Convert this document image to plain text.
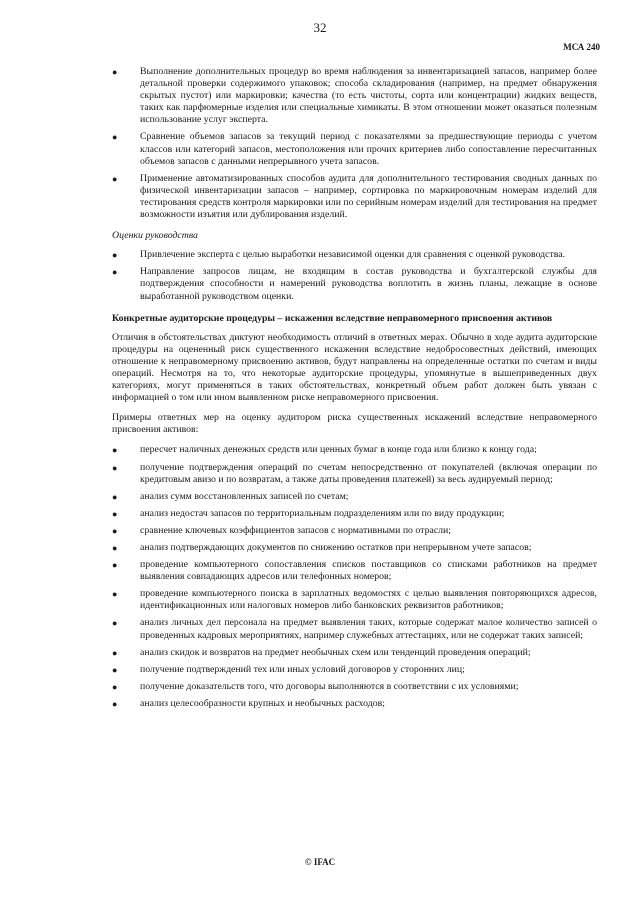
32
МСА 240
● Выполнение дополнительных процедур во время наблюдения за инвентаризацией запасов, например более детальной проверки содержимого упаковок; способа складирования (например, на предмет обнаружения скрытых пустот) или маркировки; качества (то есть чистоты, сорта или концентрации) жидких веществ, таких как парфюмерные изделия или специальные химикаты. В этом отношении может оказаться полезным использование услуг эксперта.
● Сравнение объемов запасов за текущий период с показателями за предшествующие периоды с учетом классов или категорий запасов, местоположения или прочих критериев либо сопоставление пересчитанных объемов запасов с данными непрерывного учета запасов.
● Применение автоматизированных способов аудита для дополнительного тестирования сводных данных по физической инвентаризации запасов – например, сортировка по маркировочным номерам изделий для тестирования средств контроля маркировки или по серийным номерам изделий для тестирования на предмет возможности изъятия или дублирования изделий.
Оценки руководства
● Привлечение эксперта с целью выработки независимой оценки для сравнения с оценкой руководства.
● Направление запросов лицам, не входящим в состав руководства и бухгалтерской службы для подтверждения способности и намерений руководства воплотить в жизнь планы, лежащие в основе выработанной руководством оценки.
Конкретные аудиторские процедуры – искажения вследствие неправомерного присвоения активов

Отличия в обстоятельствах диктуют необходимость отличий в ответных мерах. Обычно в ходе аудита аудиторские процедуры на оцененный риск существенного искажения вследствие недобросовестных действий, имеющих отношение к неправомерному присвоению активов, будут направлены на определенные остатки по счетам и виды операций. Несмотря на то, что некоторые аудиторские процедуры, упомянутые в вышеприведенных двух категориях, могут применяться в таких обстоятельствах, конкретный объем работ должен быть увязан с информацией о том или ином выявленном риске неправомерного присвоения.

Примеры ответных мер на оценку аудитором риска существенных искажений вследствие неправомерного присвоения активов:

● пересчет наличных денежных средств или ценных бумаг в конце года или близко к концу года;
● получение подтверждения операций по счетам непосредственно от покупателей (включая операции по кредитовым авизо и по возвратам, а также даты проведения платежей) за весь аудируемый период;
● анализ сумм восстановленных записей по счетам;
● анализ недостач запасов по территориальным подразделениям или по виду продукции;
● сравнение ключевых коэффициентов запасов с нормативными по отрасли;
● анализ подтверждающих документов по снижению остатков при непрерывном учете запасов;
● проведение компьютерного сопоставления списков поставщиков со списками работников на предмет выявления совпадающих адресов или телефонных номеров;
● проведение компьютерного поиска в зарплатных ведомостях с целью выявления повторяющихся адресов, идентификационных или налоговых номеров либо банковских реквизитов работников;
● анализ личных дел персонала на предмет выявления таких, которые содержат малое количество записей о проведенных кадровых мероприятиях, например служебных аттестациях, или не содержат таких записей;
● анализ скидок и возвратов на предмет необычных схем или тенденций проведения операций;
● получение подтверждений тех или иных условий договоров у сторонних лиц;
● получение доказательств того, что договоры выполняются в соответствии с их условиями;
● анализ целесообразности крупных и необычных расходов;
© IFAC
